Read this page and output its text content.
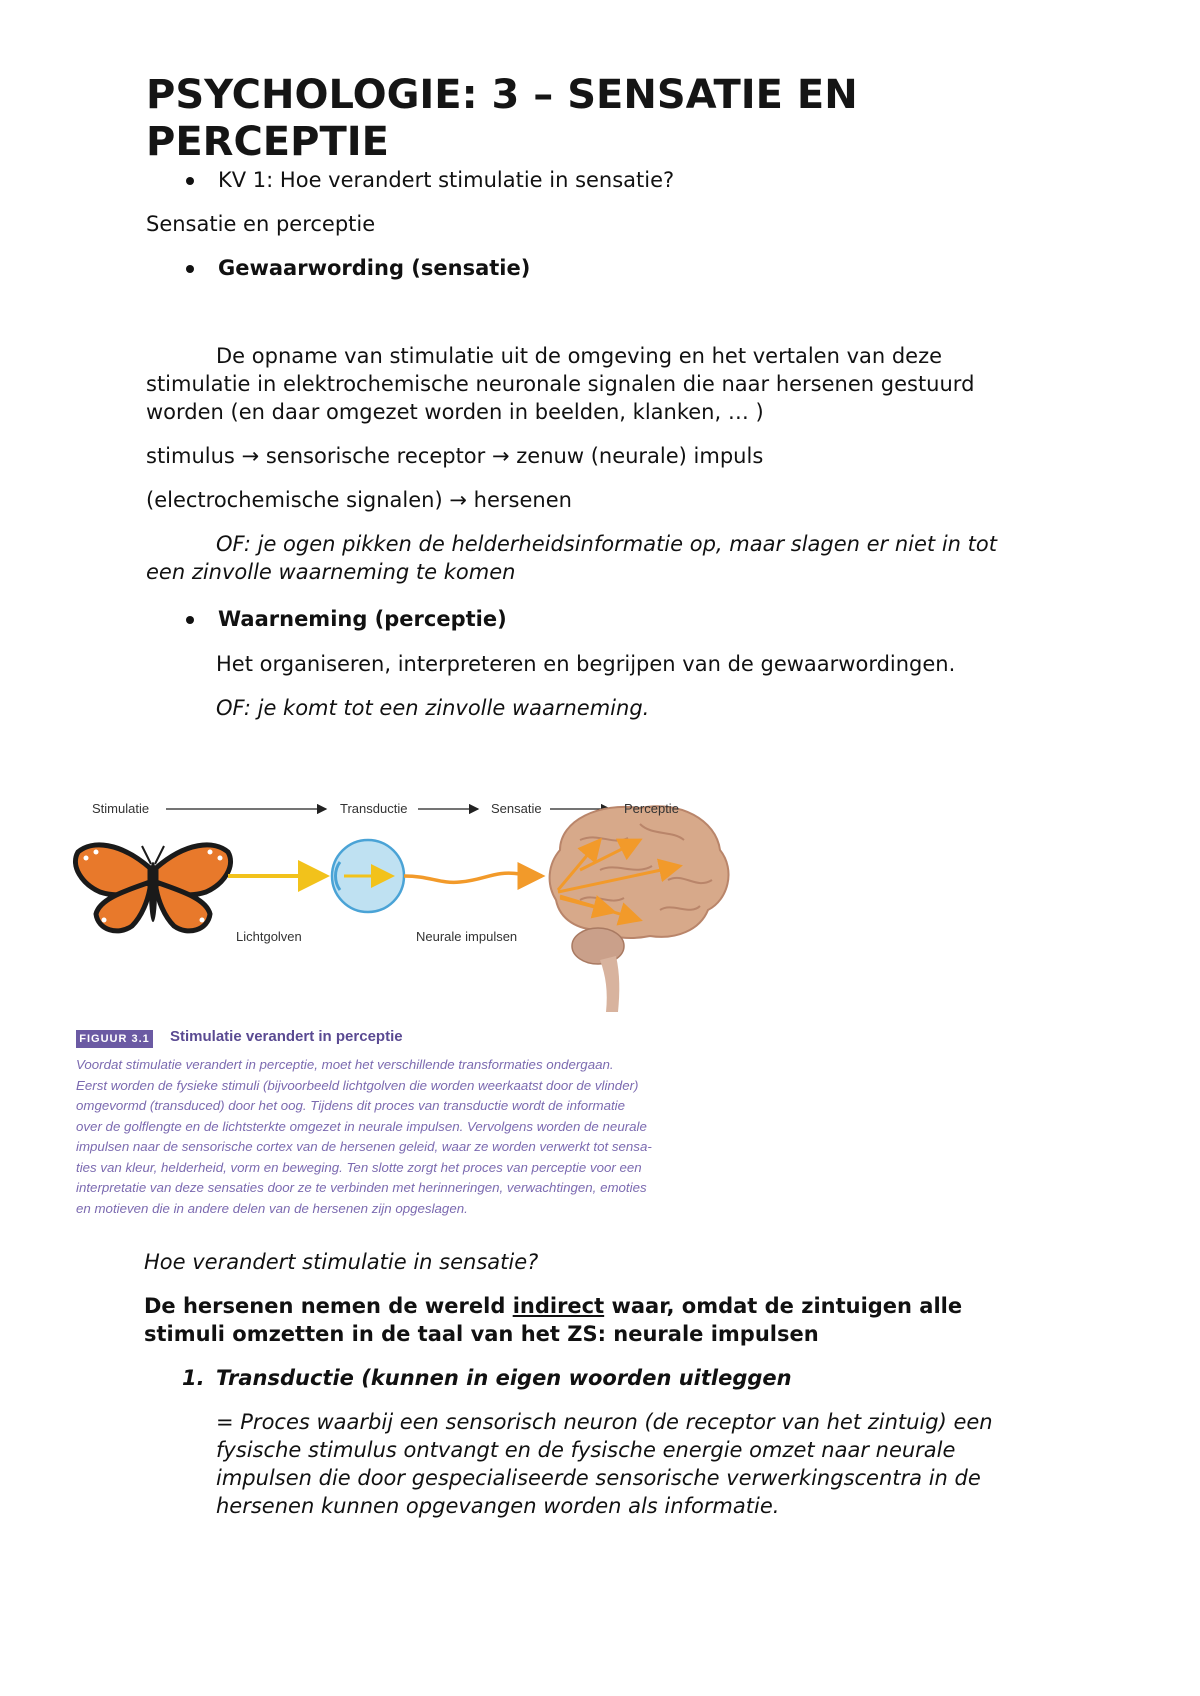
PSYCHOLOGIE: 3 – SENSATIE EN PERCEPTIE
KV 1: Hoe verandert stimulatie in sensatie?
Sensatie en perceptie
Gewaarwording (sensatie)
De opname van stimulatie uit de omgeving en het vertalen van deze
stimulatie in elektrochemische neuronale signalen die naar hersenen gestuurd
worden (en daar omgezet worden in beelden, klanken, … )
stimulus → sensorische receptor → zenuw (neurale) impuls
(electrochemische signalen) → hersenen
OF: je ogen pikken de helderheidsinformatie op, maar slagen er niet in tot
een zinvolle waarneming te komen
Waarneming (perceptie)
Het organiseren, interpreteren en begrijpen van de gewaarwordingen.
OF: je komt tot een zinvolle waarneming.
Stimulatie	Transductie	Sensatie	Perceptie
Lichtgolven	Neurale impulsen
FIGUUR 3.1 Stimulatie verandert in perceptie
Voordat stimulatie verandert in perceptie, moet het verschillende transformaties ondergaan.
Eerst worden de fysieke stimuli (bijvoorbeeld lichtgolven die worden weerkaatst door de vlinder)
omgevormd (transduced) door het oog. Tijdens dit proces van transductie wordt de informatie
over de golflengte en de lichtsterkte omgezet in neurale impulsen. Vervolgens worden de neurale
impulsen naar de sensorische cortex van de hersenen geleid, waar ze worden verwerkt tot sensa-
ties van kleur, helderheid, vorm en beweging. Ten slotte zorgt het proces van perceptie voor een
interpretatie van deze sensaties door ze te verbinden met herinneringen, verwachtingen, emoties
en motieven die in andere delen van de hersenen zijn opgeslagen.
Hoe verandert stimulatie in sensatie?
De hersenen nemen de wereld indirect waar, omdat de zintuigen alle
stimuli omzetten in de taal van het ZS: neurale impulsen
1. Transductie (kunnen in eigen woorden uitleggen
= Proces waarbij een sensorisch neuron (de receptor van het zintuig) een
fysische stimulus ontvangt en de fysische energie omzet naar neurale
impulsen die door gespecialiseerde sensorische verwerkingscentra in de
hersenen kunnen opgevangen worden als informatie.
